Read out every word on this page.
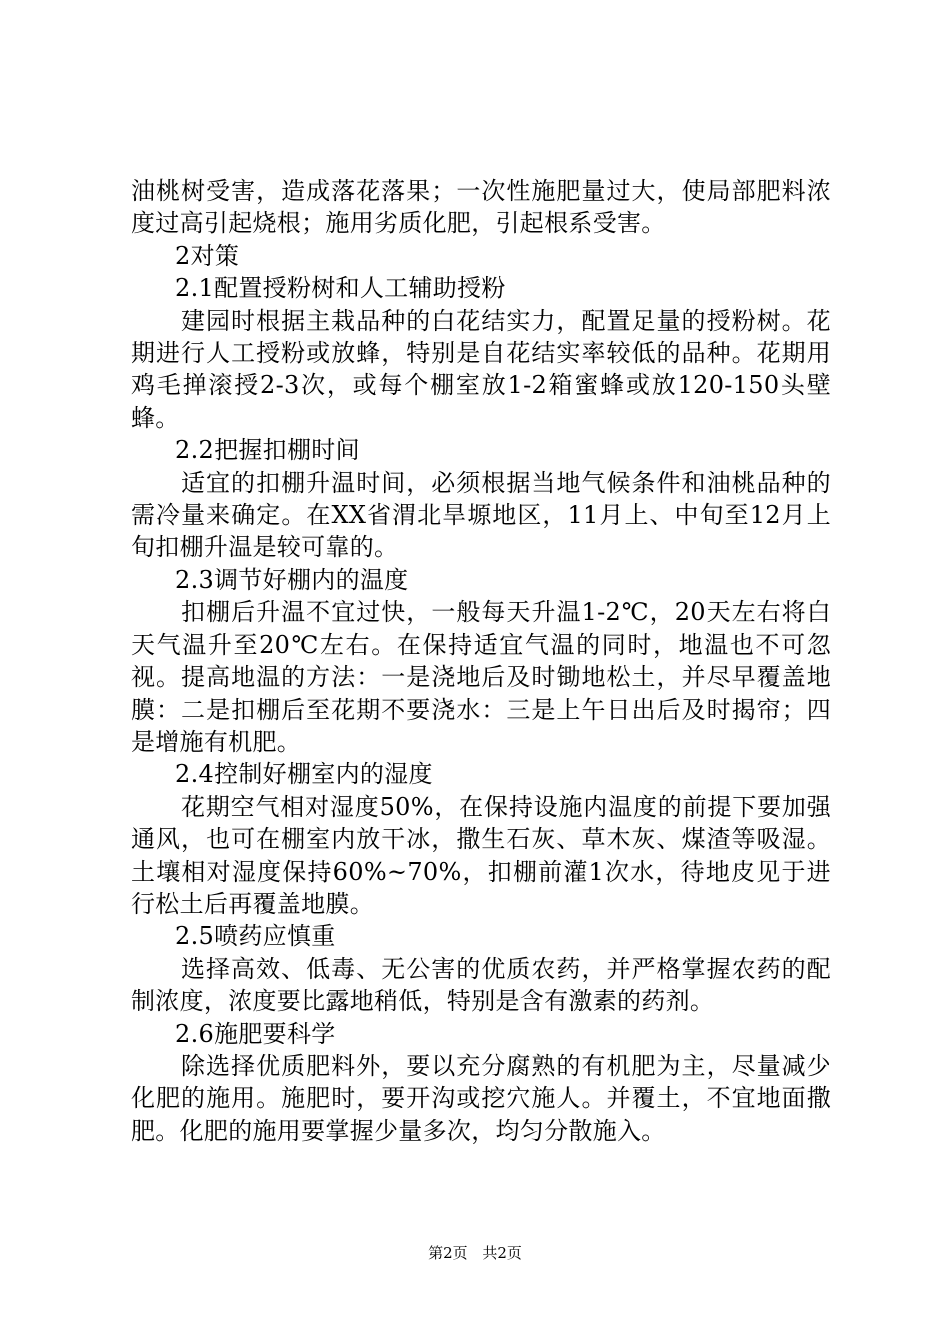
油桃树受害，造成落花落果；一次性施肥量过大，使局部肥料浓度过高引起烧根；施用劣质化肥，引起根系受害。

2对策

2.1配置授粉树和人工辅助授粉

建园时根据主栽品种的白花结实力，配置足量的授粉树。花期进行人工授粉或放蜂，特别是自花结实率较低的品种。花期用鸡毛掸滚授2-3次，或每个棚室放1-2箱蜜蜂或放120-150头壁蜂。

2.2把握扣棚时间

适宜的扣棚升温时间，必须根据当地气候条件和油桃品种的需冷量来确定。在XX省渭北旱塬地区，11月上、中旬至12月上旬扣棚升温是较可靠的。

2.3调节好棚内的温度

扣棚后升温不宜过快，一般每天升温1-2℃，20天左右将白天气温升至20℃左右。在保持适宜气温的同时，地温也不可忽视。提高地温的方法：一是浇地后及时锄地松土，并尽早覆盖地膜：二是扣棚后至花期不要浇水：三是上午日出后及时揭帘；四是增施有机肥。

2.4控制好棚室内的湿度

花期空气相对湿度50%，在保持设施内温度的前提下要加强通风，也可在棚室内放干冰，撒生石灰、草木灰、煤渣等吸湿。土壤相对湿度保持60%~70%，扣棚前灌1次水，待地皮见于进行松土后再覆盖地膜。

2.5喷药应慎重

选择高效、低毒、无公害的优质农药，并严格掌握农药的配制浓度，浓度要比露地稍低，特别是含有激素的药剂。

2.6施肥要科学

除选择优质肥料外，要以充分腐熟的有机肥为主，尽量减少化肥的施用。施肥时，要开沟或挖穴施人。并覆土，不宜地面撒肥。化肥的施用要掌握少量多次，均匀分散施入。

第2页 共2页
